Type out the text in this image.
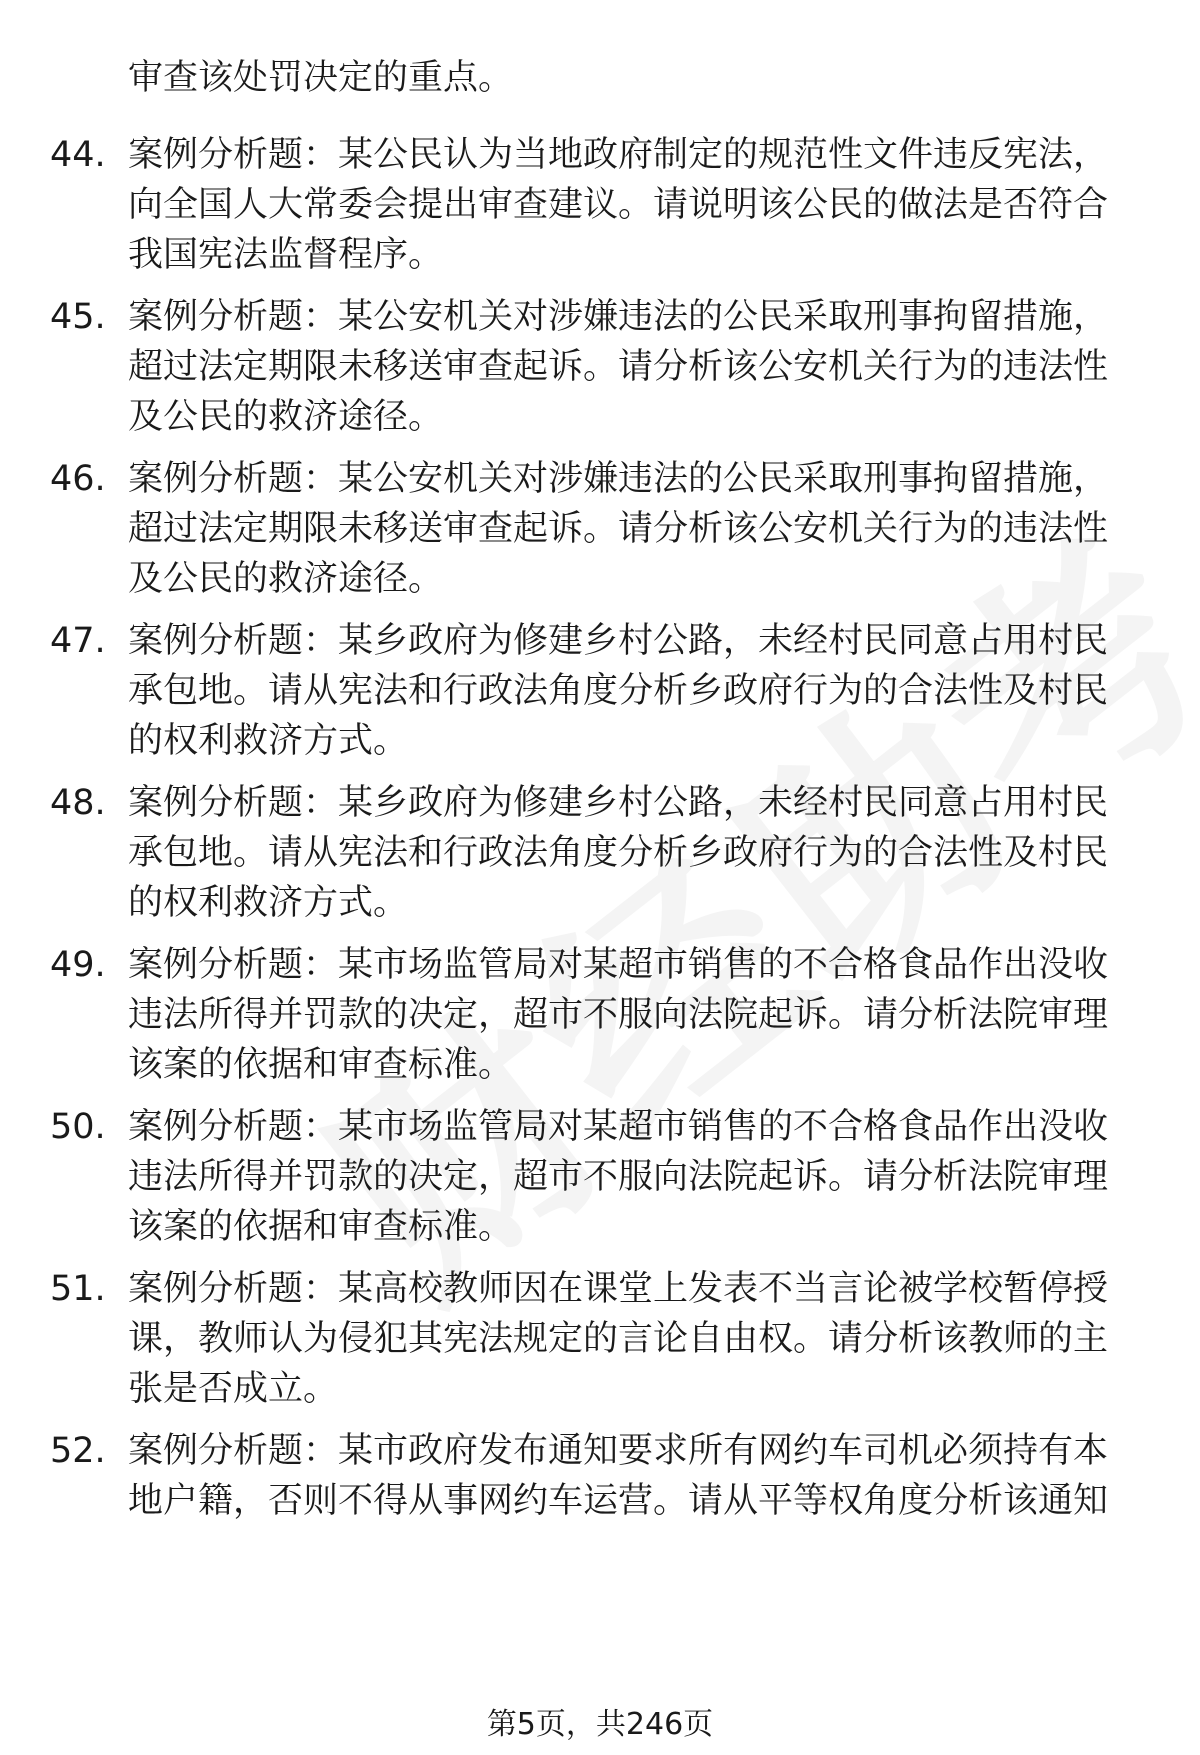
审查该处罚决定的重点。
44. 案例分析题：某公民认为当地政府制定的规范性文件违反宪法，
向全国人大常委会提出审查建议。请说明该公民的做法是否符合
我国宪法监督程序。
45. 案例分析题：某公安机关对涉嫌违法的公民采取刑事拘留措施，
超过法定期限未移送审查起诉。请分析该公安机关行为的违法性
及公民的救济途径。
46. 案例分析题：某公安机关对涉嫌违法的公民采取刑事拘留措施，
超过法定期限未移送审查起诉。请分析该公安机关行为的违法性
及公民的救济途径。
47. 案例分析题：某乡政府为修建乡村公路，未经村民同意占用村民
承包地。请从宪法和行政法角度分析乡政府行为的合法性及村民
的权利救济方式。
48. 案例分析题：某乡政府为修建乡村公路，未经村民同意占用村民
承包地。请从宪法和行政法角度分析乡政府行为的合法性及村民
的权利救济方式。
49. 案例分析题：某市场监管局对某超市销售的不合格食品作出没收
违法所得并罚款的决定，超市不服向法院起诉。请分析法院审理
该案的依据和审查标准。
50. 案例分析题：某市场监管局对某超市销售的不合格食品作出没收
违法所得并罚款的决定，超市不服向法院起诉。请分析法院审理
该案的依据和审查标准。
51. 案例分析题：某高校教师因在课堂上发表不当言论被学校暂停授
课，教师认为侵犯其宪法规定的言论自由权。请分析该教师的主
张是否成立。
52. 案例分析题：某市政府发布通知要求所有网约车司机必须持有本
地户籍，否则不得从事网约车运营。请从平等权角度分析该通知
第5页，共246页
